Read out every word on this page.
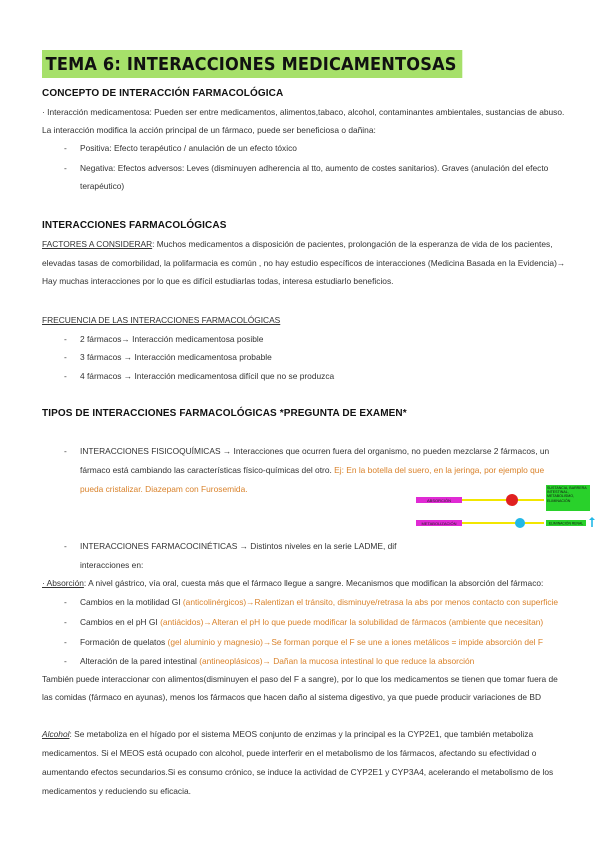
TEMA 6: INTERACCIONES MEDICAMENTOSAS
CONCEPTO DE INTERACCIÓN FARMACOLÓGICA
· Interacción medicamentosa: Pueden ser entre medicamentos, alimentos,tabaco, alcohol, contaminantes ambientales, sustancias de abuso.
La interacción modifica la acción principal de un fármaco, puede ser beneficiosa o dañina:
- Positiva: Efecto terapéutico / anulación de un efecto tóxico
- Negativa: Efectos adversos: Leves (disminuyen adherencia al tto, aumento de costes sanitarios). Graves (anulación del efecto
terapéutico)
INTERACCIONES FARMACOLÓGICAS
FACTORES A CONSIDERAR: Muchos medicamentos a disposición de pacientes, prolongación de la esperanza de vida de los pacientes,
elevadas tasas de comorbilidad, la polifarmacia es común , no hay estudio específicos de interacciones (Medicina Basada en la Evidencia)→
Hay muchas interacciones por lo que es difícil estudiarlas todas, interesa estudiarlo beneficios.
FRECUENCIA DE LAS INTERACCIONES FARMACOLÓGICAS
- 2 fármacos→ Interacción medicamentosa posible
- 3 fármacos → Interacción medicamentosa probable
- 4 fármacos → Interacción medicamentosa difícil que no se produzca
TIPOS DE INTERACCIONES FARMACOLÓGICAS *PREGUNTA DE EXAMEN*
- INTERACCIONES FISICOQUÍMICAS → Interacciones que ocurren fuera del organismo, no pueden mezclarse 2 fármacos, un
fármaco está cambiando las características físico-químicas del otro. Ej: En la botella del suero, en la jeringa, por ejemplo que
pueda cristalizar. Diazepam con Furosemida.
ABSORCIÓN
SUSTANCIA, BARRERA INTESTINAL, METABOLISMO, ELIMINACIÓN
METABOLIZACIÓN	ELIMINACIÓN RENAL
- INTERACCIONES FARMACOCINÉTICAS → Distintos niveles en la serie LADME, dif
interacciones en:
· Absorción: A nivel gástrico, vía oral, cuesta más que el fármaco llegue a sangre. Mecanismos que modifican la absorción del fármaco:
- Cambios en la motilidad GI (anticolinérgicos)→Ralentizan el tránsito, disminuye/retrasa la abs por menos contacto con superficie
- Cambios en el pH GI (antiácidos)→Alteran el pH lo que puede modificar la solubilidad de fármacos (ambiente que necesitan)
- Formación de quelatos (gel aluminio y magnesio)→Se forman porque el F se une a iones metálicos = impide absorción del F
- Alteración de la pared intestinal (antineoplásicos)→ Dañan la mucosa intestinal lo que reduce la absorción
También puede interaccionar con alimentos(disminuyen el paso del F a sangre), por lo que los medicamentos se tienen que tomar fuera de
las comidas (fármaco en ayunas), menos los fármacos que hacen daño al sistema digestivo, ya que puede producir variaciones de BD
Alcohol: Se metaboliza en el hígado por el sistema MEOS conjunto de enzimas y la principal es la CYP2E1, que también metaboliza
medicamentos. Si el MEOS está ocupado con alcohol, puede interferir en el metabolismo de los fármacos, afectando su efectividad o
aumentando efectos secundarios.Si es consumo crónico, se induce la actividad de CYP2E1 y CYP3A4, acelerando el metabolismo de los
medicamentos y reduciendo su eficacia.
